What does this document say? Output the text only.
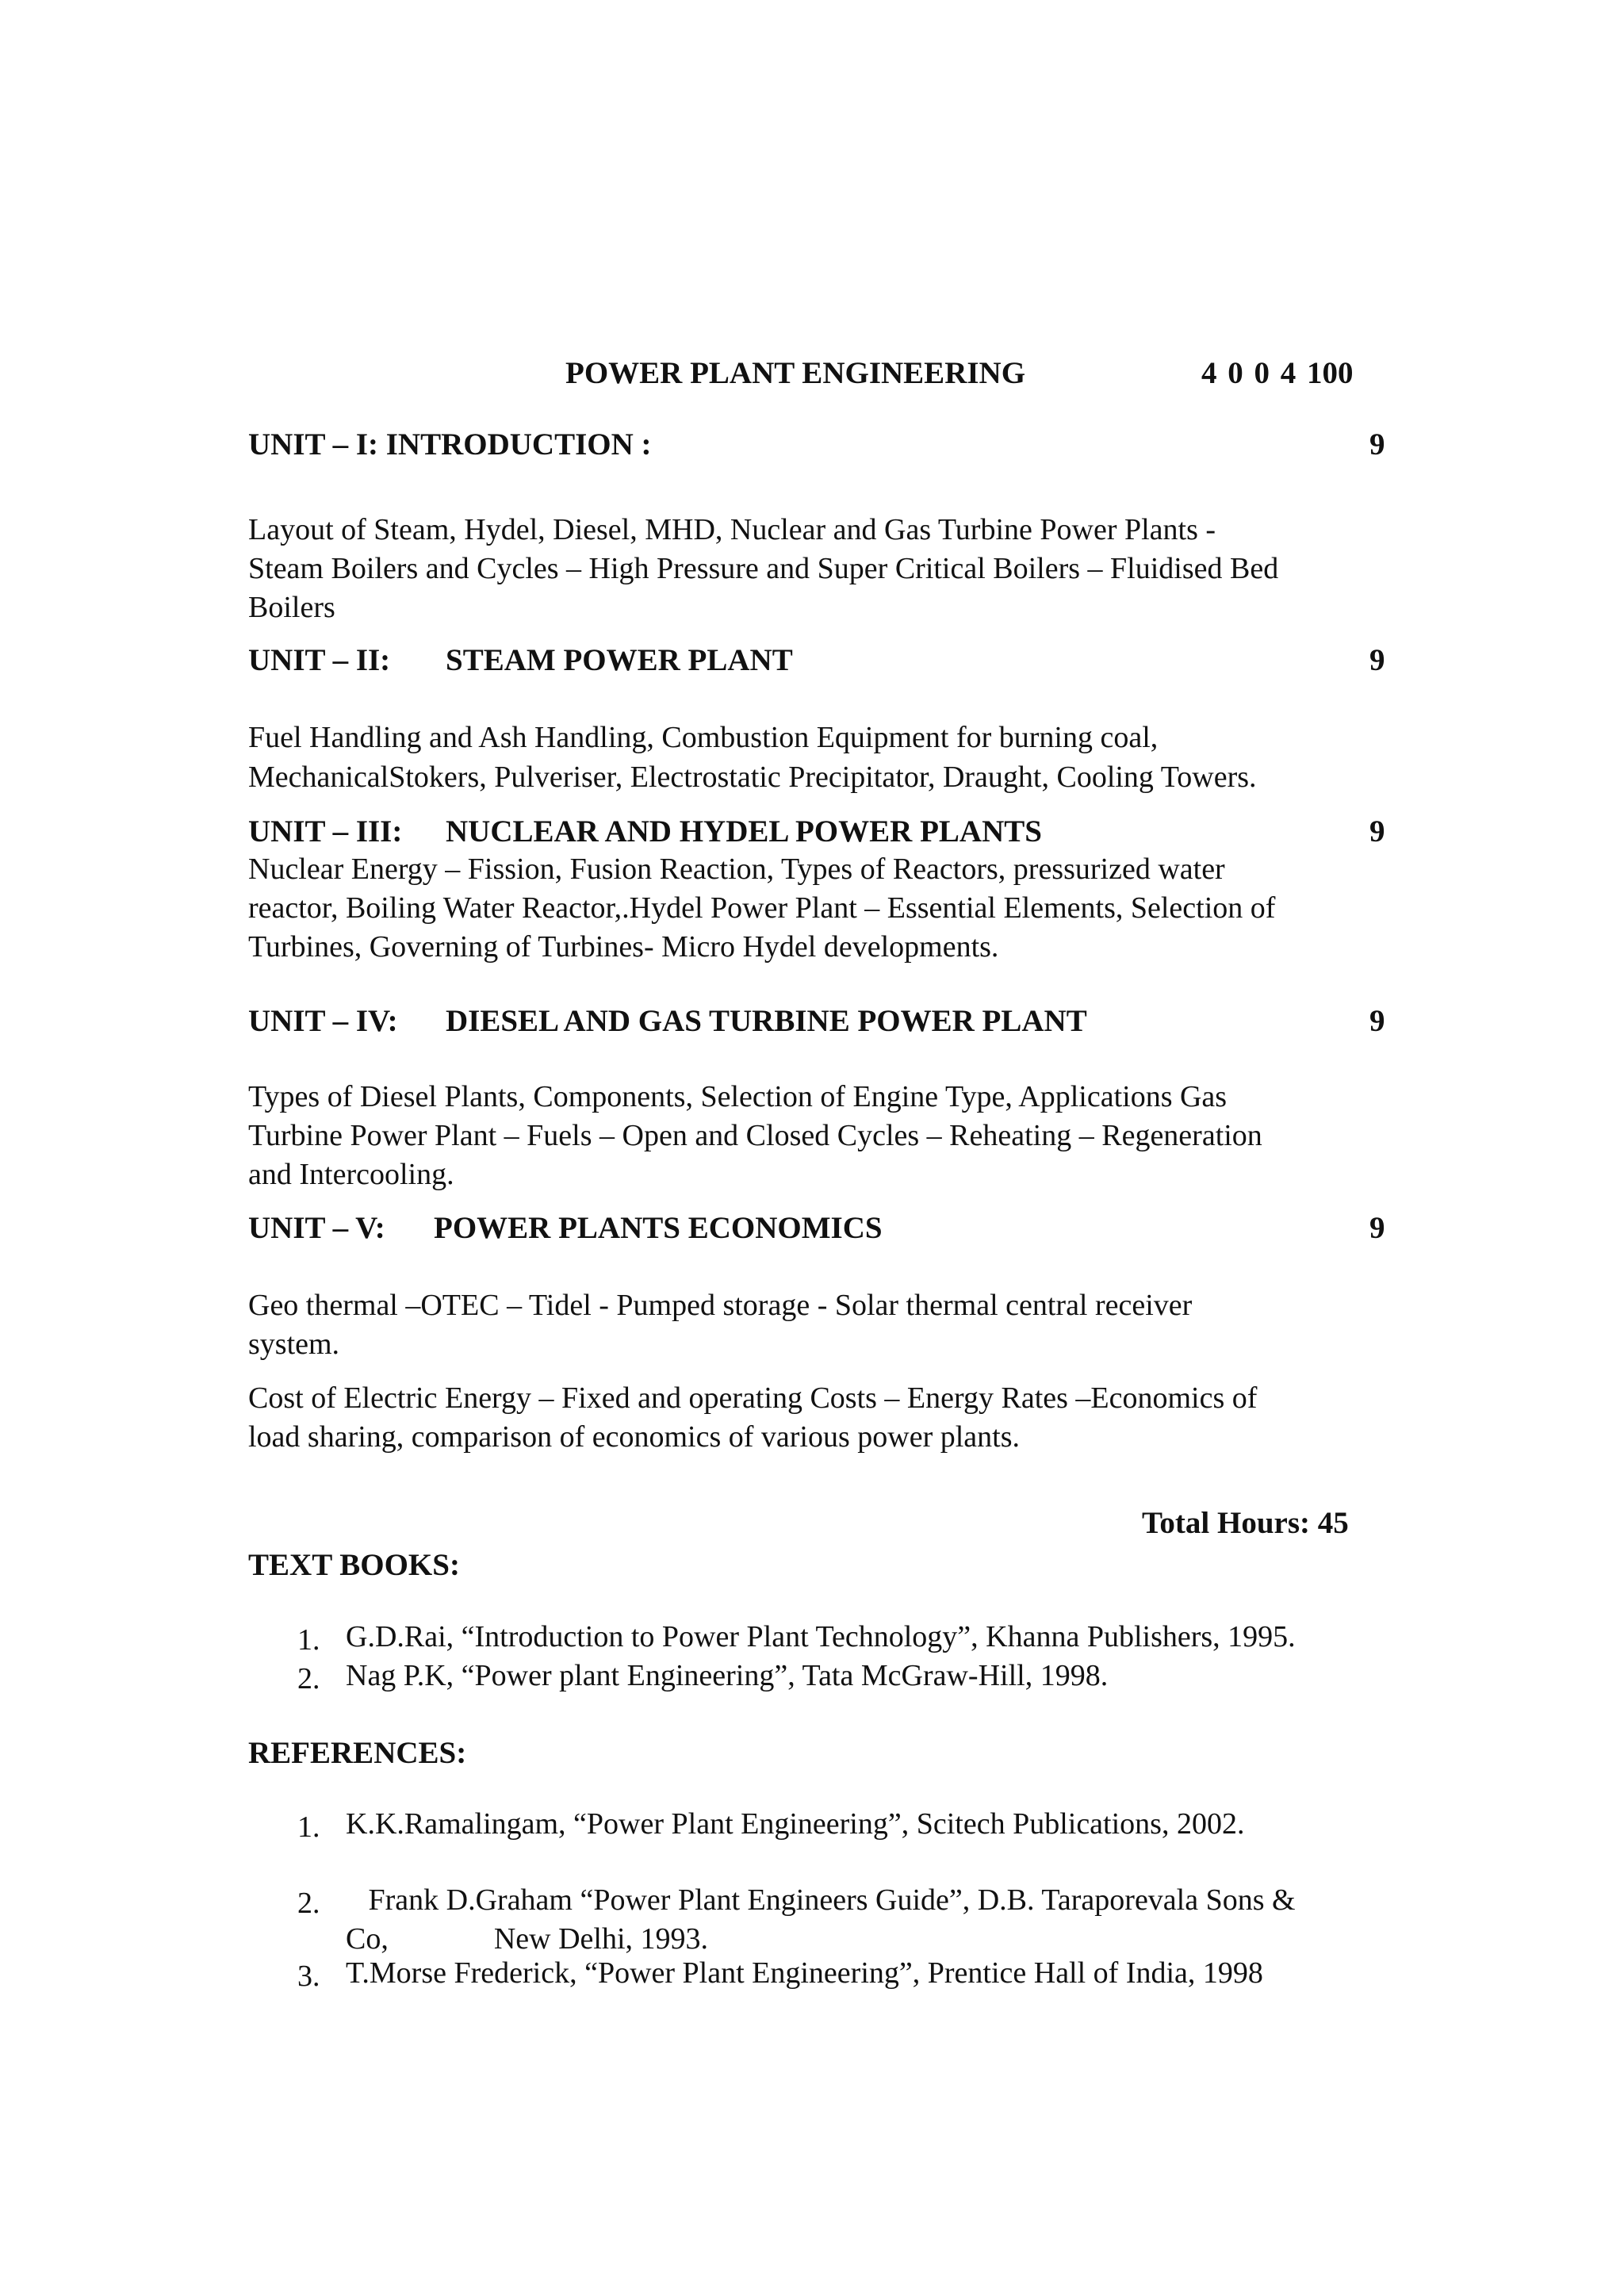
POWER PLANT ENGINEERING	4 0 0 4 100
UNIT – I: INTRODUCTION :	9
Layout of Steam, Hydel, Diesel, MHD, Nuclear and Gas Turbine Power Plants -
Steam Boilers and Cycles – High Pressure and Super Critical Boilers – Fluidised Bed
Boilers
UNIT – II: STEAM POWER PLANT	9
Fuel Handling and Ash Handling, Combustion Equipment for burning coal,
MechanicalStokers, Pulveriser, Electrostatic Precipitator, Draught, Cooling Towers.
UNIT – III: NUCLEAR AND HYDEL POWER PLANTS	9
Nuclear Energy – Fission, Fusion Reaction, Types of Reactors, pressurized water
reactor, Boiling Water Reactor,.Hydel Power Plant – Essential Elements, Selection of
Turbines, Governing of Turbines- Micro Hydel developments.
UNIT – IV: DIESEL AND GAS TURBINE POWER PLANT	9
Types of Diesel Plants, Components, Selection of Engine Type, Applications Gas
Turbine Power Plant – Fuels – Open and Closed Cycles – Reheating – Regeneration
and Intercooling.
UNIT – V: POWER PLANTS ECONOMICS	9
Geo thermal –OTEC – Tidel - Pumped storage - Solar thermal central receiver
system.
Cost of Electric Energy – Fixed and operating Costs – Energy Rates –Economics of
load sharing, comparison of economics of various power plants.
Total Hours: 45
TEXT BOOKS:
1. G.D.Rai, “Introduction to Power Plant Technology”, Khanna Publishers, 1995.
2. Nag P.K, “Power plant Engineering”, Tata McGraw-Hill, 1998.
REFERENCES:
1. K.K.Ramalingam, “Power Plant Engineering”, Scitech Publications, 2002.
2. Frank D.Graham “Power Plant Engineers Guide”, D.B. Taraporevala Sons &
Co,              New Delhi, 1993.
3. T.Morse Frederick, “Power Plant Engineering”, Prentice Hall of India, 1998
